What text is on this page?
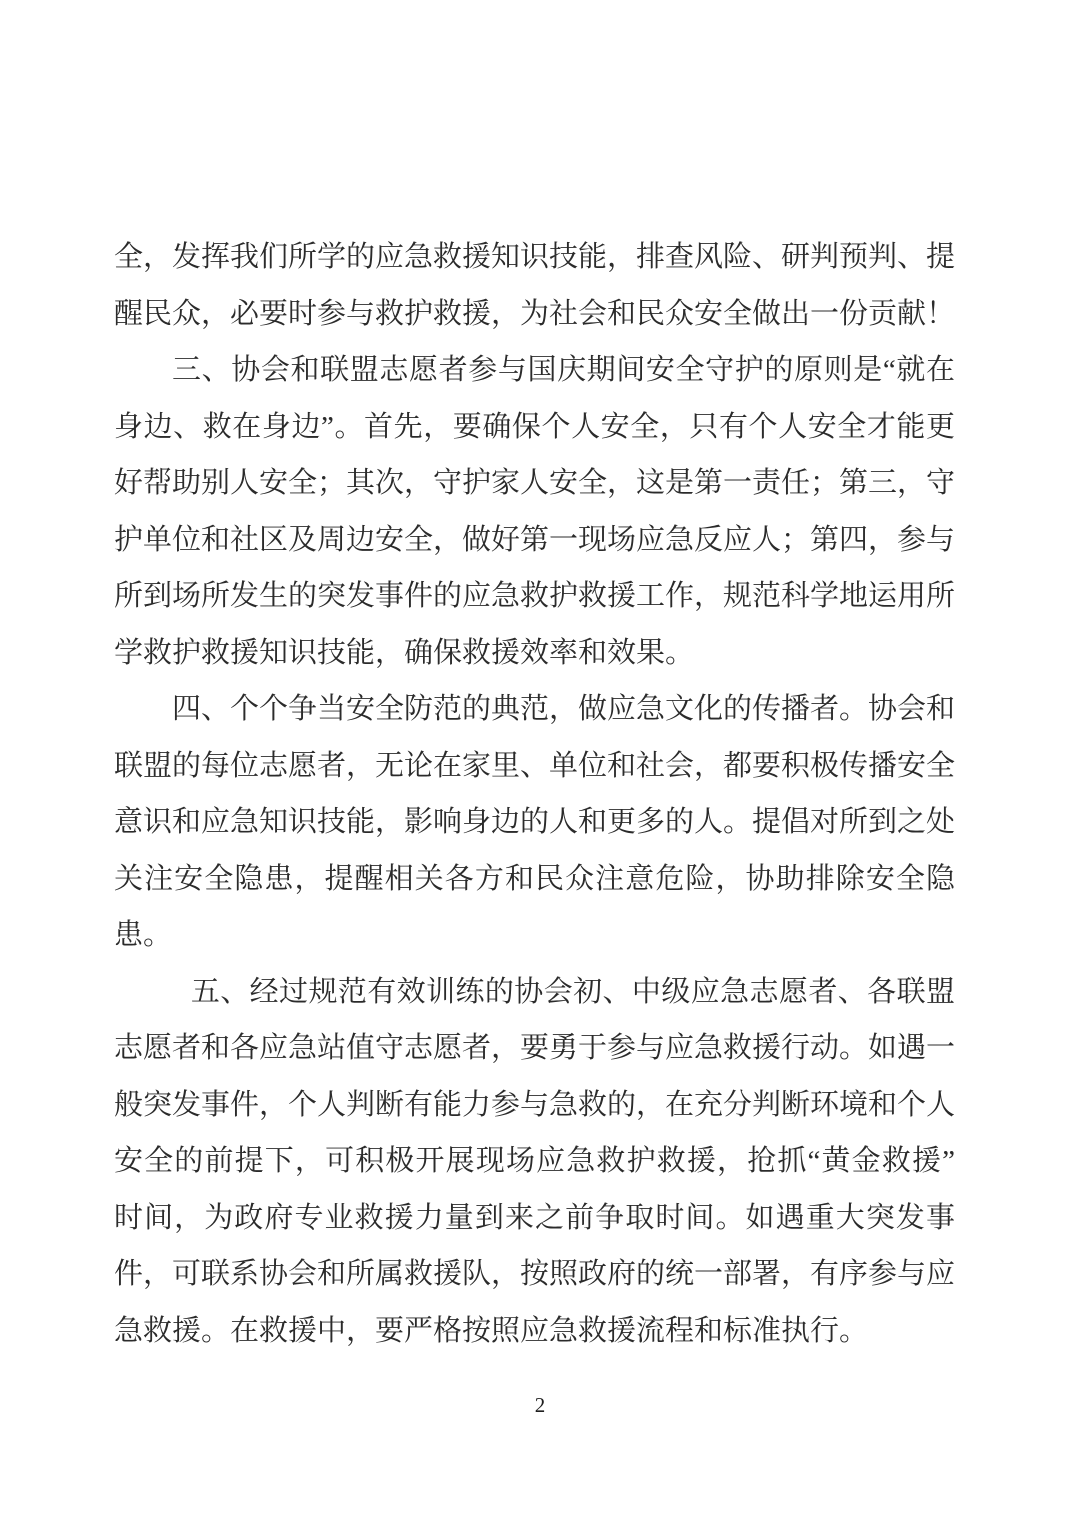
全，发挥我们所学的应急救援知识技能，排查风险、研判预判、提
醒民众，必要时参与救护救援，为社会和民众安全做出一份贡献！
三、协会和联盟志愿者参与国庆期间安全守护的原则是“就在
身边、救在身边”。首先，要确保个人安全，只有个人安全才能更
好帮助别人安全；其次，守护家人安全，这是第一责任；第三，守
护单位和社区及周边安全，做好第一现场应急反应人；第四，参与
所到场所发生的突发事件的应急救护救援工作，规范科学地运用所
学救护救援知识技能，确保救援效率和效果。
四、个个争当安全防范的典范，做应急文化的传播者。协会和
联盟的每位志愿者，无论在家里、单位和社会，都要积极传播安全
意识和应急知识技能，影响身边的人和更多的人。提倡对所到之处
关注安全隐患，提醒相关各方和民众注意危险，协助排除安全隐
患。
五、经过规范有效训练的协会初、中级应急志愿者、各联盟
志愿者和各应急站值守志愿者，要勇于参与应急救援行动。如遇一
般突发事件，个人判断有能力参与急救的，在充分判断环境和个人
安全的前提下，可积极开展现场应急救护救援，抢抓“黄金救援”
时间，为政府专业救援力量到来之前争取时间。如遇重大突发事
件，可联系协会和所属救援队，按照政府的统一部署，有序参与应
急救援。在救援中，要严格按照应急救援流程和标准执行。
2
